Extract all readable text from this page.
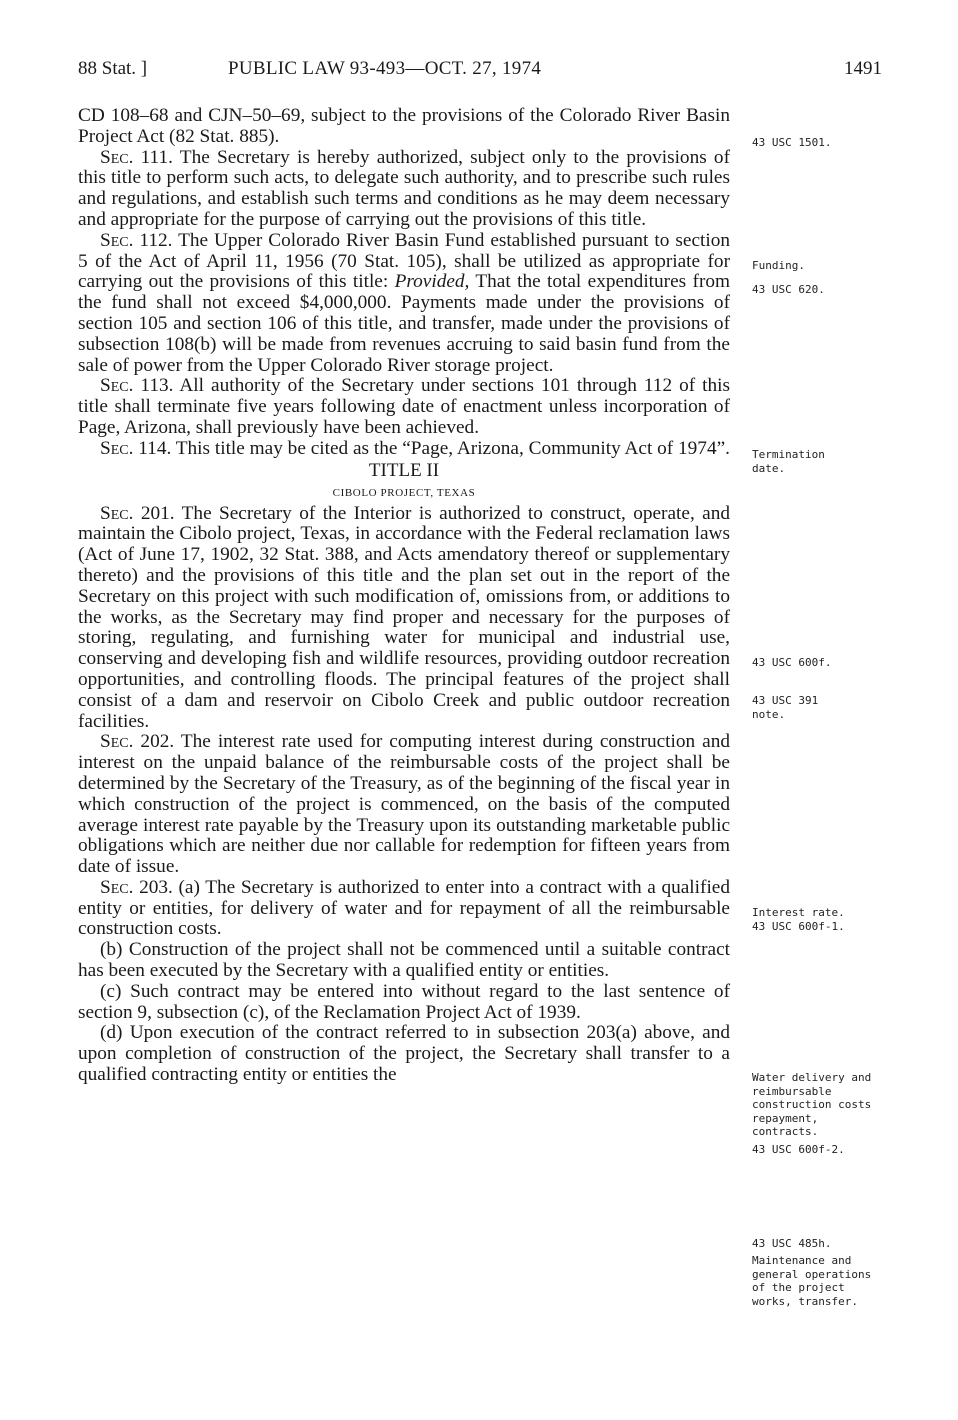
88 Stat. ]	PUBLIC LAW 93-493—OCT. 27, 1974	1491

CD 108–68 and CJN–50–69, subject to the provisions of the Colorado River Basin Project Act (82 Stat. 885).

Sec. 111. The Secretary is hereby authorized, subject only to the provisions of this title to perform such acts, to delegate such authority, and to prescribe such rules and regulations, and establish such terms and conditions as he may deem necessary and appropriate for the purpose of carrying out the provisions of this title.

Sec. 112. The Upper Colorado River Basin Fund established pursuant to section 5 of the Act of April 11, 1956 (70 Stat. 105), shall be utilized as appropriate for carrying out the provisions of this title: Provided, That the total expenditures from the fund shall not exceed $4,000,000. Payments made under the provisions of section 105 and section 106 of this title, and transfer, made under the provisions of subsection 108(b) will be made from revenues accruing to said basin fund from the sale of power from the Upper Colorado River storage project.

Sec. 113. All authority of the Secretary under sections 101 through 112 of this title shall terminate five years following date of enactment unless incorporation of Page, Arizona, shall previously have been achieved.

Sec. 114. This title may be cited as the “Page, Arizona, Community Act of 1974”.

TITLE II

CIBOLO PROJECT, TEXAS

Sec. 201. The Secretary of the Interior is authorized to construct, operate, and maintain the Cibolo project, Texas, in accordance with the Federal reclamation laws (Act of June 17, 1902, 32 Stat. 388, and Acts amendatory thereof or supplementary thereto) and the provisions of this title and the plan set out in the report of the Secretary on this project with such modification of, omissions from, or additions to the works, as the Secretary may find proper and necessary for the purposes of storing, regulating, and furnishing water for municipal and industrial use, conserving and developing fish and wildlife resources, providing outdoor recreation opportunities, and controlling floods. The principal features of the project shall consist of a dam and reservoir on Cibolo Creek and public outdoor recreation facilities.

Sec. 202. The interest rate used for computing interest during construction and interest on the unpaid balance of the reimbursable costs of the project shall be determined by the Secretary of the Treasury, as of the beginning of the fiscal year in which construction of the project is commenced, on the basis of the computed average interest rate payable by the Treasury upon its outstanding marketable public obligations which are neither due nor callable for redemption for fifteen years from date of issue.

Sec. 203. (a) The Secretary is authorized to enter into a contract with a qualified entity or entities, for delivery of water and for repayment of all the reimbursable construction costs.

(b) Construction of the project shall not be commenced until a suitable contract has been executed by the Secretary with a qualified entity or entities.

(c) Such contract may be entered into without regard to the last sentence of section 9, subsection (c), of the Reclamation Project Act of 1939.

(d) Upon execution of the contract referred to in subsection 203(a) above, and upon completion of construction of the project, the Secretary shall transfer to a qualified contracting entity or entities the

43 USC 1501.
Funding.
43 USC 620.
Termination date.
43 USC 600f.
43 USC 391 note.
Interest rate.
43 USC 600f-1.
Water delivery and reimbursable construction costs repayment, contracts.
43 USC 600f-2.
43 USC 485h.
Maintenance and general operations of the project works, transfer.
